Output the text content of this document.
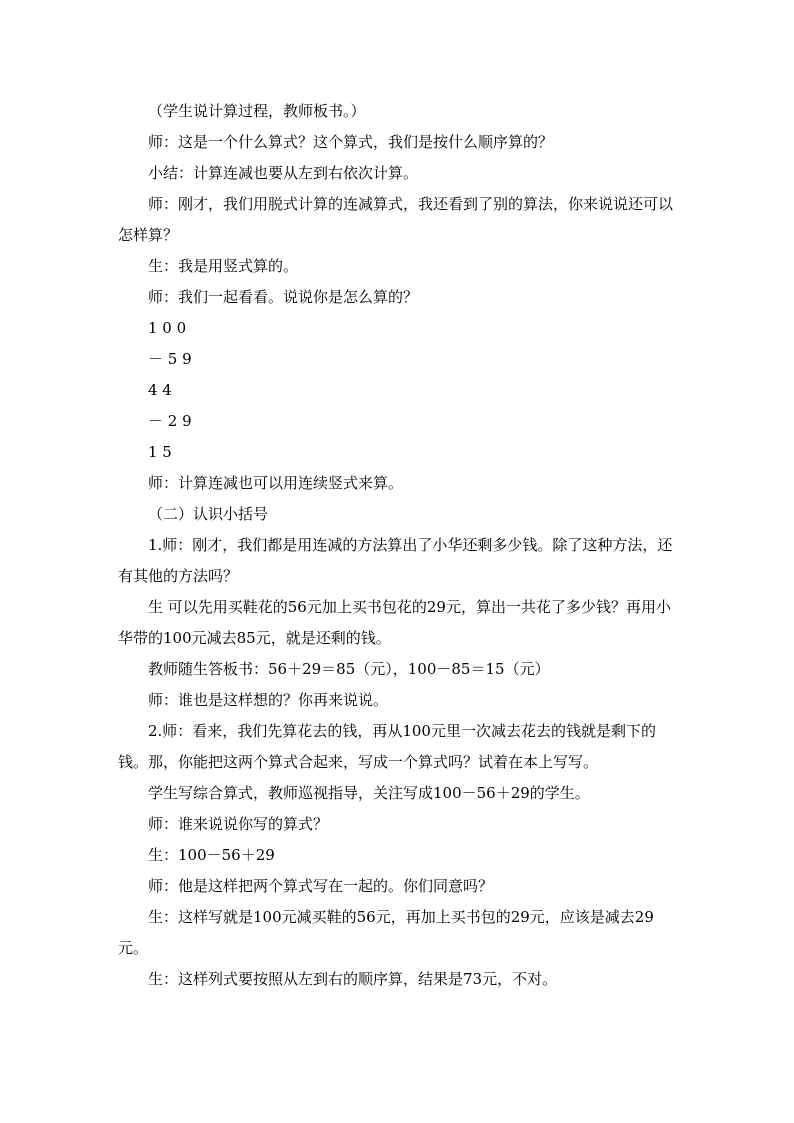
（学生说计算过程，教师板书。）

师：这是一个什么算式？这个算式，我们是按什么顺序算的？

小结：计算连减也要从左到右依次计算。

师：刚才，我们用脱式计算的连减算式，我还看到了别的算法，你来说说还可以怎样算？

生：我是用竖式算的。

师：我们一起看看。说说你是怎么算的？

1 0 0

－ 5 9

4 4

－ 2 9

1 5

师：计算连减也可以用连续竖式来算。

（二）认识小括号

1.师：刚才，我们都是用连减的方法算出了小华还剩多少钱。除了这种方法，还有其他的方法吗？

生 可以先用买鞋花的56元加上买书包花的29元，算出一共花了多少钱？再用小华带的100元减去85元，就是还剩的钱。

教师随生答板书：56＋29＝85（元），100－85＝15（元）

师：谁也是这样想的？你再来说说。

2.师：看来，我们先算花去的钱，再从100元里一次减去花去的钱就是剩下的钱。那，你能把这两个算式合起来，写成一个算式吗？试着在本上写写。

学生写综合算式，教师巡视指导，关注写成100－56＋29的学生。

师：谁来说说你写的算式？

生：100－56＋29

师：他是这样把两个算式写在一起的。你们同意吗？

生：这样写就是100元减买鞋的56元，再加上买书包的29元，应该是减去29元。

生：这样列式要按照从左到右的顺序算，结果是73元，不对。
